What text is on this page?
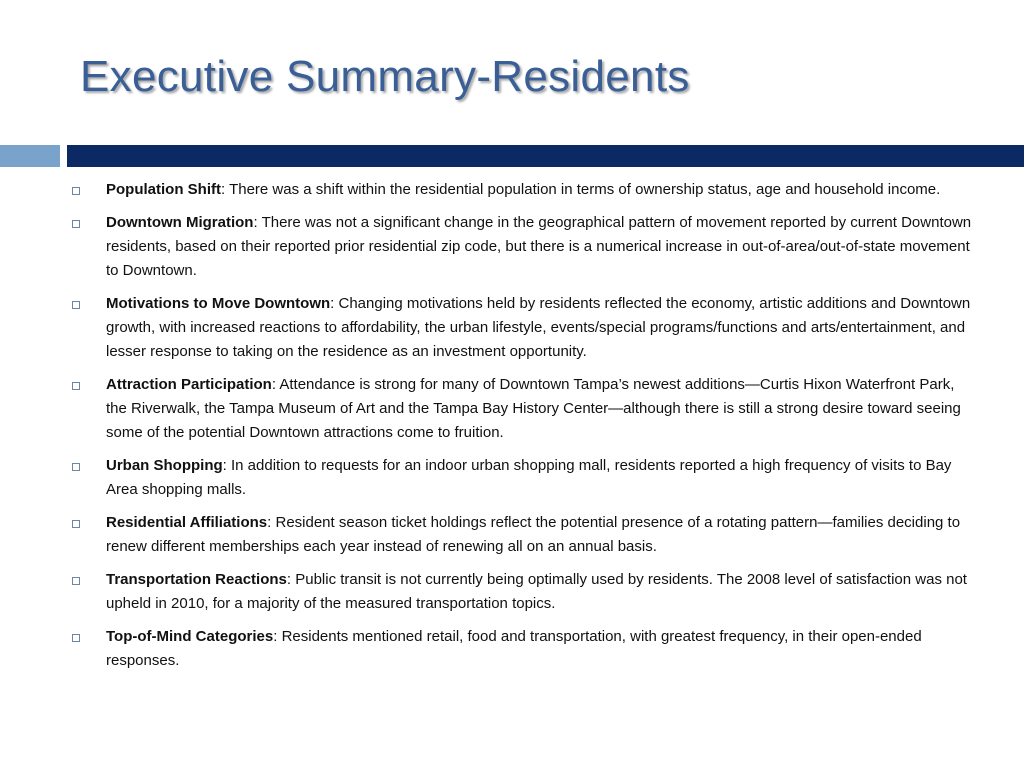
Executive Summary-Residents
Population Shift: There was a shift within the residential population in terms of ownership status, age and household income.
Downtown Migration: There was not a significant change in the geographical pattern of movement reported by current Downtown residents, based on their reported prior residential zip code, but there is a numerical increase in out-of-area/out-of-state movement to Downtown.
Motivations to Move Downtown: Changing motivations held by residents reflected the economy, artistic additions and Downtown growth, with increased reactions to affordability, the urban lifestyle, events/special programs/functions and arts/entertainment, and lesser response to taking on the residence as an investment opportunity.
Attraction Participation: Attendance is strong for many of Downtown Tampa’s newest additions—Curtis Hixon Waterfront Park, the Riverwalk, the Tampa Museum of Art and the Tampa Bay History Center—although there is still a strong desire toward seeing some of the potential Downtown attractions come to fruition.
Urban Shopping: In addition to requests for an indoor urban shopping mall, residents reported a high frequency of visits to Bay Area shopping malls.
Residential Affiliations: Resident season ticket holdings reflect the potential presence of a rotating pattern—families deciding to renew different memberships each year instead of renewing all on an annual basis.
Transportation Reactions: Public transit is not currently being optimally used by residents. The 2008 level of satisfaction was not upheld in 2010, for a majority of the measured transportation topics.
Top-of-Mind Categories: Residents mentioned retail, food and transportation, with greatest frequency, in their open-ended responses.
